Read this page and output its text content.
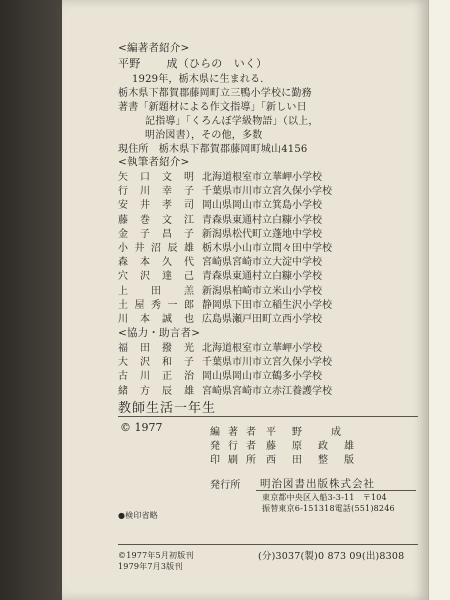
<編著者紹介>
平野　　 成（ひらの　いく）
1929年，栃木県に生まれる．
栃木県下都賀郡藤岡町立三鴨小学校に勤務
著書「新題材による作文指導」「新しい日
記指導」「くろんぼ学級物語」（以上，
明治図書），その他，多数
現住所　栃木県下都賀郡藤岡町城山4156
<執筆者紹介>
矢 口 文 明 北海道根室市立華岬小学校
行 川 幸 子 千葉県市川市立宮久保小学校
安 井 孝 司 岡山県岡山市立箕島小学校
藤 巻 文 江 青森県東通村立白糠小学校
金 子 昌 子 新潟県松代町立蓬地中学校
小 井 沼 辰 雄 栃木県小山市立間々田中学校
森 本 久 代 宮崎県宮崎市立大淀中学校
穴 沢 達 己 青森県東通村立白糠小学校
上 田 羔 新潟県柏崎市立米山小学校
土 屋 秀 一 郎 静岡県下田市立稲生沢小学校
川 本 誠 也 広島県瀬戸田町立西小学校
<協力・助言者>
福 田 撥 光 北海道根室市立華岬小学校
大 沢 和 子 千葉県市川市立宮久保小学校
古 川 正 治 岡山県岡山市立鶴多小学校
緒 方 辰 雄 宮崎県宮崎市立赤江養護学校
教師生活一年生
© 1977	編 著 者 平　野　　成
発 行 者 藤　原　政　雄
印 刷 所 西　田　整　版
発行所 明治図書出版株式会社
東京都中央区入船3-3-11　〒104
振替東京6-151318電話(551)8246
●検印省略
©1977年5月初版刊
1979年7月3版刊
(分)3037(製)0 873 09(出)8308
